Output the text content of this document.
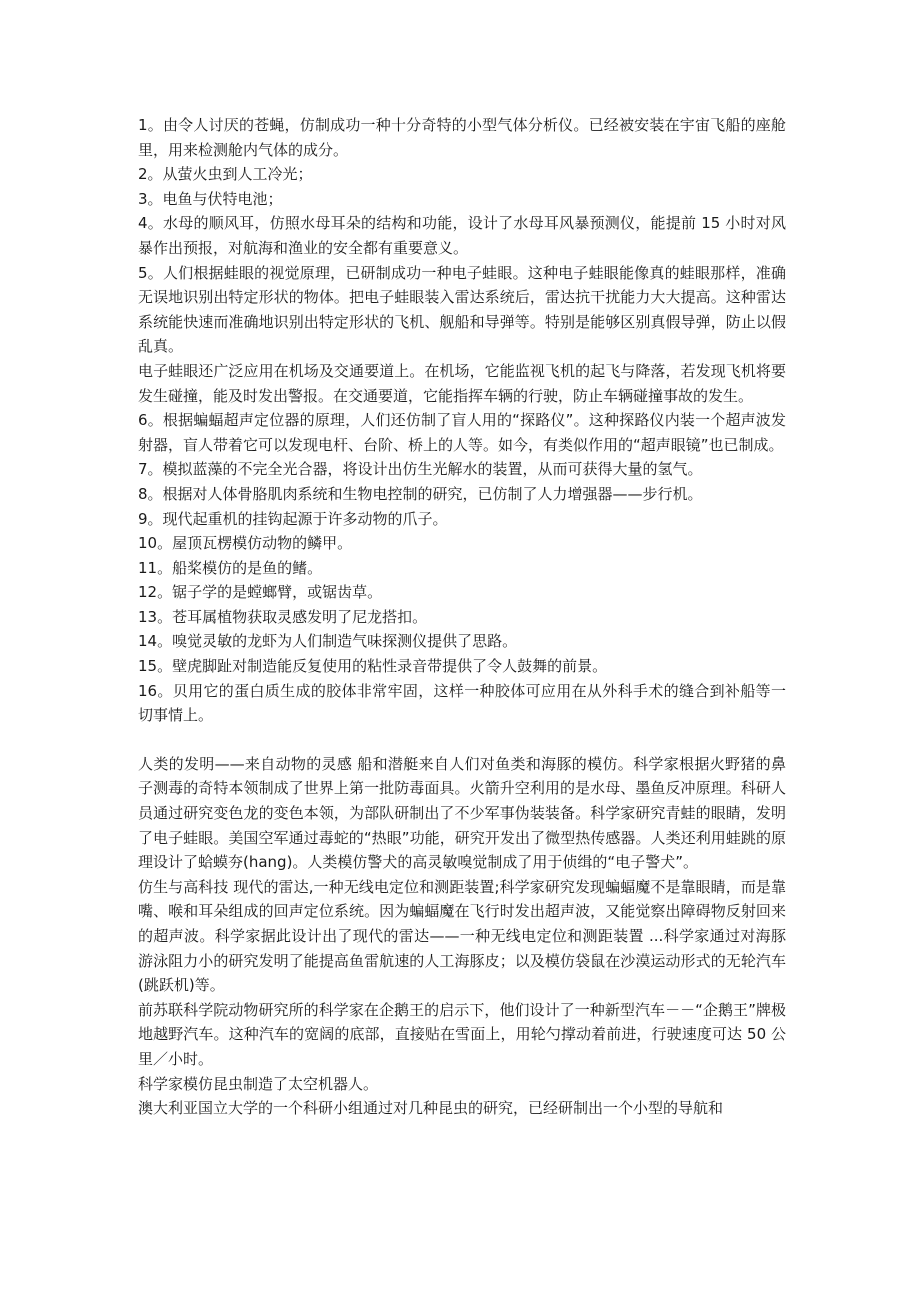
1。由令人讨厌的苍蝇，仿制成功一种十分奇特的小型气体分析仪。已经被安装在宇宙飞船的座舱里，用来检测舱内气体的成分。

2。从萤火虫到人工冷光；

3。电鱼与伏特电池；

4。水母的顺风耳，仿照水母耳朵的结构和功能，设计了水母耳风暴预测仪，能提前 15 小时对风暴作出预报，对航海和渔业的安全都有重要意义。

5。人们根据蛙眼的视觉原理，已研制成功一种电子蛙眼。这种电子蛙眼能像真的蛙眼那样，准确无误地识别出特定形状的物体。把电子蛙眼装入雷达系统后，雷达抗干扰能力大大提高。这种雷达系统能快速而准确地识别出特定形状的飞机、舰船和导弹等。特别是能够区别真假导弹，防止以假乱真。

电子蛙眼还广泛应用在机场及交通要道上。在机场，它能监视飞机的起飞与降落，若发现飞机将要发生碰撞，能及时发出警报。在交通要道，它能指挥车辆的行驶，防止车辆碰撞事故的发生。

6。根据蝙蝠超声定位器的原理，人们还仿制了盲人用的“探路仪”。这种探路仪内装一个超声波发射器，盲人带着它可以发现电杆、台阶、桥上的人等。如今，有类似作用的“超声眼镜”也已制成。

7。模拟蓝藻的不完全光合器，将设计出仿生光解水的装置，从而可获得大量的氢气。

8。根据对人体骨胳肌肉系统和生物电控制的研究，已仿制了人力增强器——步行机。

9。现代起重机的挂钩起源于许多动物的爪子。

10。屋顶瓦楞模仿动物的鳞甲。

11。船桨模仿的是鱼的鳍。

12。锯子学的是螳螂臂，或锯齿草。

13。苍耳属植物获取灵感发明了尼龙搭扣。

14。嗅觉灵敏的龙虾为人们制造气味探测仪提供了思路。

15。壁虎脚趾对制造能反复使用的粘性录音带提供了令人鼓舞的前景。

16。贝用它的蛋白质生成的胶体非常牢固，这样一种胶体可应用在从外科手术的缝合到补船等一切事情上。

人类的发明——来自动物的灵感 船和潜艇来自人们对鱼类和海豚的模仿。科学家根据火野猪的鼻子测毒的奇特本领制成了世界上第一批防毒面具。火箭升空利用的是水母、墨鱼反冲原理。科研人员通过研究变色龙的变色本领，为部队研制出了不少军事伪装装备。科学家研究青蛙的眼睛，发明了电子蛙眼。美国空军通过毒蛇的“热眼”功能，研究开发出了微型热传感器。人类还利用蛙跳的原理设计了蛤蟆夯(hang)。人类模仿警犬的高灵敏嗅觉制成了用于侦缉的“电子警犬”。

仿生与高科技 现代的雷达,一种无线电定位和测距装置;科学家研究发现蝙蝠魔不是靠眼睛，而是靠嘴、喉和耳朵组成的回声定位系统。因为蝙蝠魔在飞行时发出超声波，又能觉察出障碍物反射回来的超声波。科学家据此设计出了现代的雷达——一种无线电定位和测距装置 ...科学家通过对海豚游泳阻力小的研究发明了能提高鱼雷航速的人工海豚皮；以及模仿袋鼠在沙漠运动形式的无轮汽车(跳跃机)等。

前苏联科学院动物研究所的科学家在企鹅王的启示下，他们设计了一种新型汽车－－“企鹅王”牌极地越野汽车。这种汽车的宽阔的底部，直接贴在雪面上，用轮勺撑动着前进，行驶速度可达 50 公里／小时。

科学家模仿昆虫制造了太空机器人。

澳大利亚国立大学的一个科研小组通过对几种昆虫的研究，已经研制出一个小型的导航和
